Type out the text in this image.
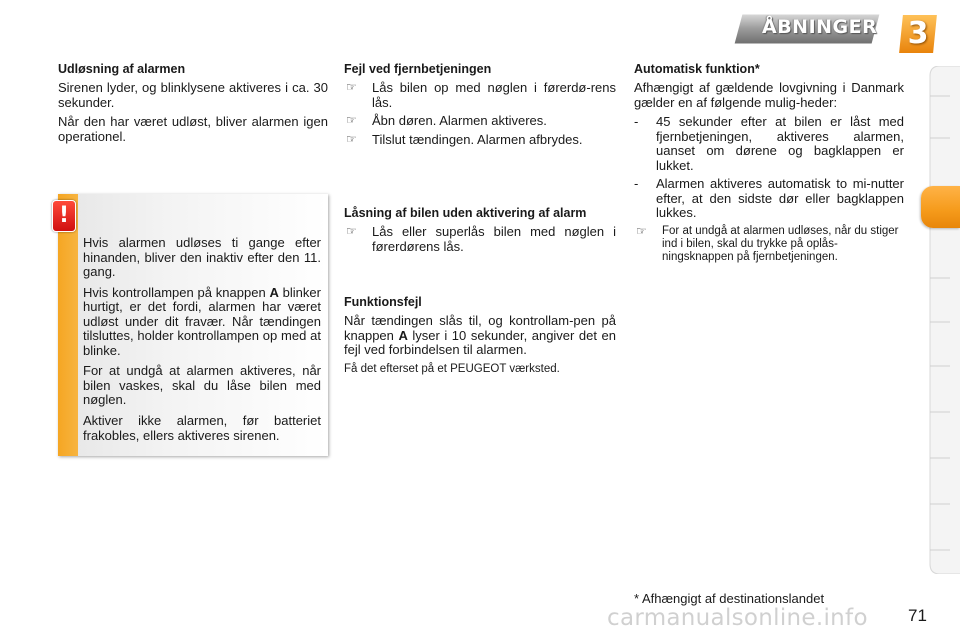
ÅBNINGER	3

Udløsning af alarmen

Sirenen lyder, og blinklysene aktiveres i ca. 30 sekunder.

Når den har været udløst, bliver alarmen igen operationel.

!

Hvis alarmen udløses ti gange efter hinanden, bliver den inaktiv efter den 11. gang.

Hvis kontrollampen på knappen A blinker hurtigt, er det fordi, alarmen har været udløst under dit fravær. Når tændingen tilsluttes, holder kontrollampen op med at blinke.

For at undgå at alarmen aktiveres, når bilen vaskes, skal du låse bilen med nøglen.

Aktiver ikke alarmen, før batteriet frakobles, ellers aktiveres sirenen.

Fejl ved fjernbetjeningen

☞	Lås bilen op med nøglen i førerdø-rens lås.
☞	Åbn døren. Alarmen aktiveres.
☞	Tilslut tændingen. Alarmen afbrydes.

Låsning af bilen uden aktivering af alarm

☞	Lås eller superlås bilen med nøglen i førerdørens lås.

Funktionsfejl

Når tændingen slås til, og kontrollam-pen på knappen A lyser i 10 sekunder, angiver det en fejl ved forbindelsen til alarmen.

Få det efterset på et PEUGEOT værksted.

Automatisk funktion*

Afhængigt af gældende lovgivning i Danmark gælder en af følgende mulig-heder:

-	45 sekunder efter at bilen er låst med fjernbetjeningen, aktiveres alarmen, uanset om dørene og bagklappen er lukket.
-	Alarmen aktiveres automatisk to mi-nutter efter, at den sidste dør eller bagklappen lukkes.
☞	For at undgå at alarmen udløses, når du stiger ind i bilen, skal du trykke på oplås-ningsknappen på fjernbetjeningen.
* Afhængigt af destinationslandet
carmanualsonline.info	71
